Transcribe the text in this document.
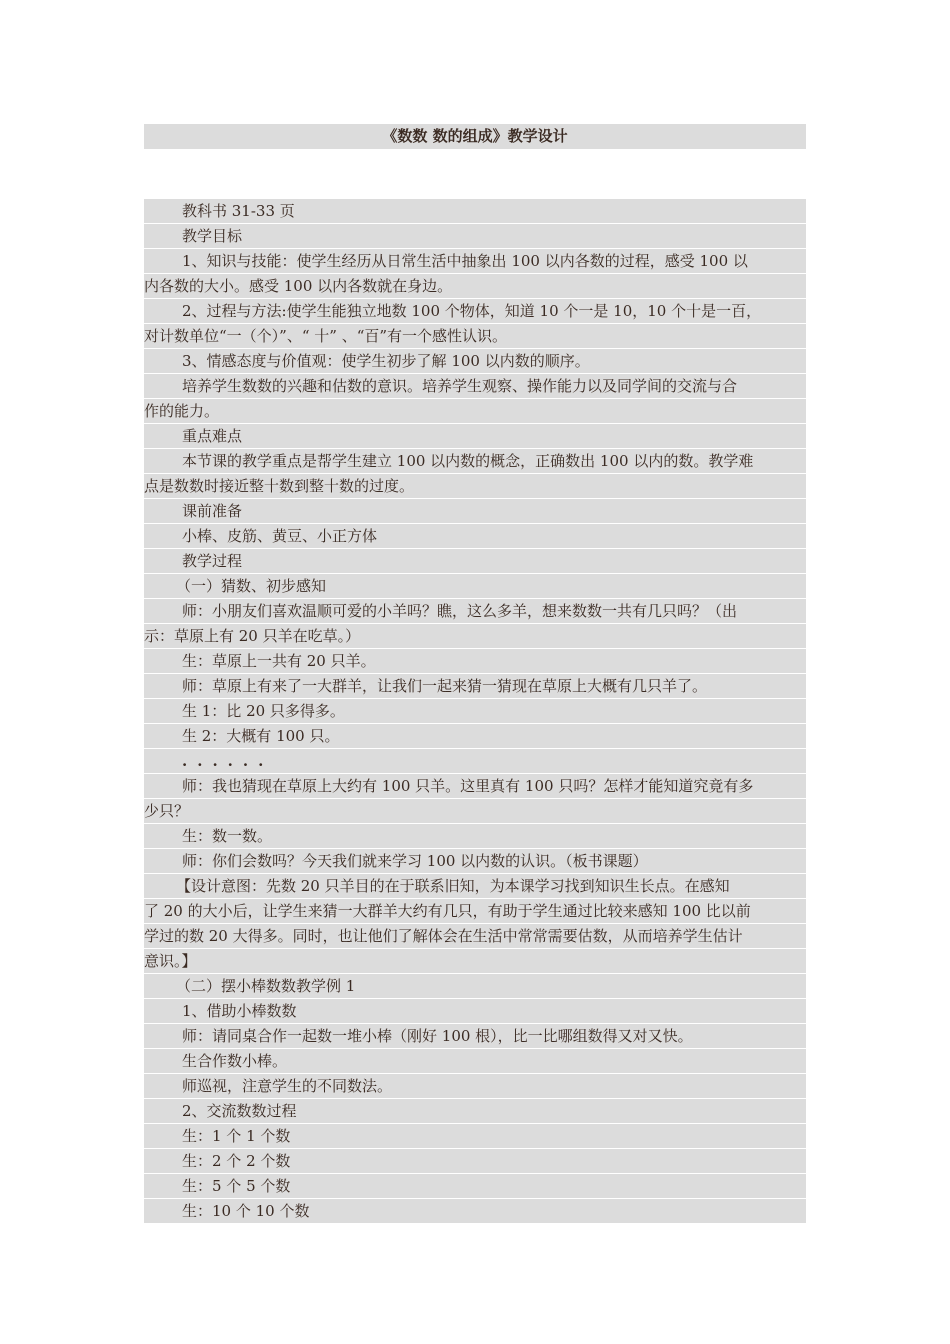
《数数 数的组成》教学设计
教科书 31-33 页
教学目标
1、知识与技能：使学生经历从日常生活中抽象出 100 以内各数的过程，感受 100 以
内各数的大小。感受 100 以内各数就在身边。
2、过程与方法:使学生能独立地数 100 个物体，知道 10 个一是 10，10 个十是一百，
对计数单位“一（个）”、“ 十” 、“百”有一个感性认识。
3、情感态度与价值观：使学生初步了解 100 以内数的顺序。
培养学生数数的兴趣和估数的意识。培养学生观察、操作能力以及同学间的交流与合
作的能力。
重点难点
本节课的教学重点是帮学生建立 100 以内数的概念，正确数出 100 以内的数。教学难
点是数数时接近整十数到整十数的过度。
课前准备
小棒、皮筋、黄豆、小正方体
教学过程
（一）猜数、初步感知
师：小朋友们喜欢温顺可爱的小羊吗？瞧，这么多羊，想来数数一共有几只吗？（出
示：草原上有 20 只羊在吃草。）
生：草原上一共有 20 只羊。
师：草原上有来了一大群羊，让我们一起来猜一猜现在草原上大概有几只羊了。
生 1：比 20 只多得多。
生 2：大概有 100 只。
......
师：我也猜现在草原上大约有 100 只羊。这里真有 100 只吗？怎样才能知道究竟有多
少只？
生：数一数。
师：你们会数吗？今天我们就来学习 100 以内数的认识。（板书课题）
【设计意图：先数 20 只羊目的在于联系旧知，为本课学习找到知识生长点。在感知
了 20 的大小后，让学生来猜一大群羊大约有几只，有助于学生通过比较来感知 100 比以前
学过的数 20 大得多。同时，也让他们了解体会在生活中常常需要估数，从而培养学生估计
意识。】
（二）摆小棒数数教学例 1
1、借助小棒数数
师：请同桌合作一起数一堆小棒（刚好 100 根），比一比哪组数得又对又快。
生合作数小棒。
师巡视，注意学生的不同数法。
2、交流数数过程
生：1 个 1 个数
生：2 个 2 个数
生：5 个 5 个数
生：10 个 10 个数
